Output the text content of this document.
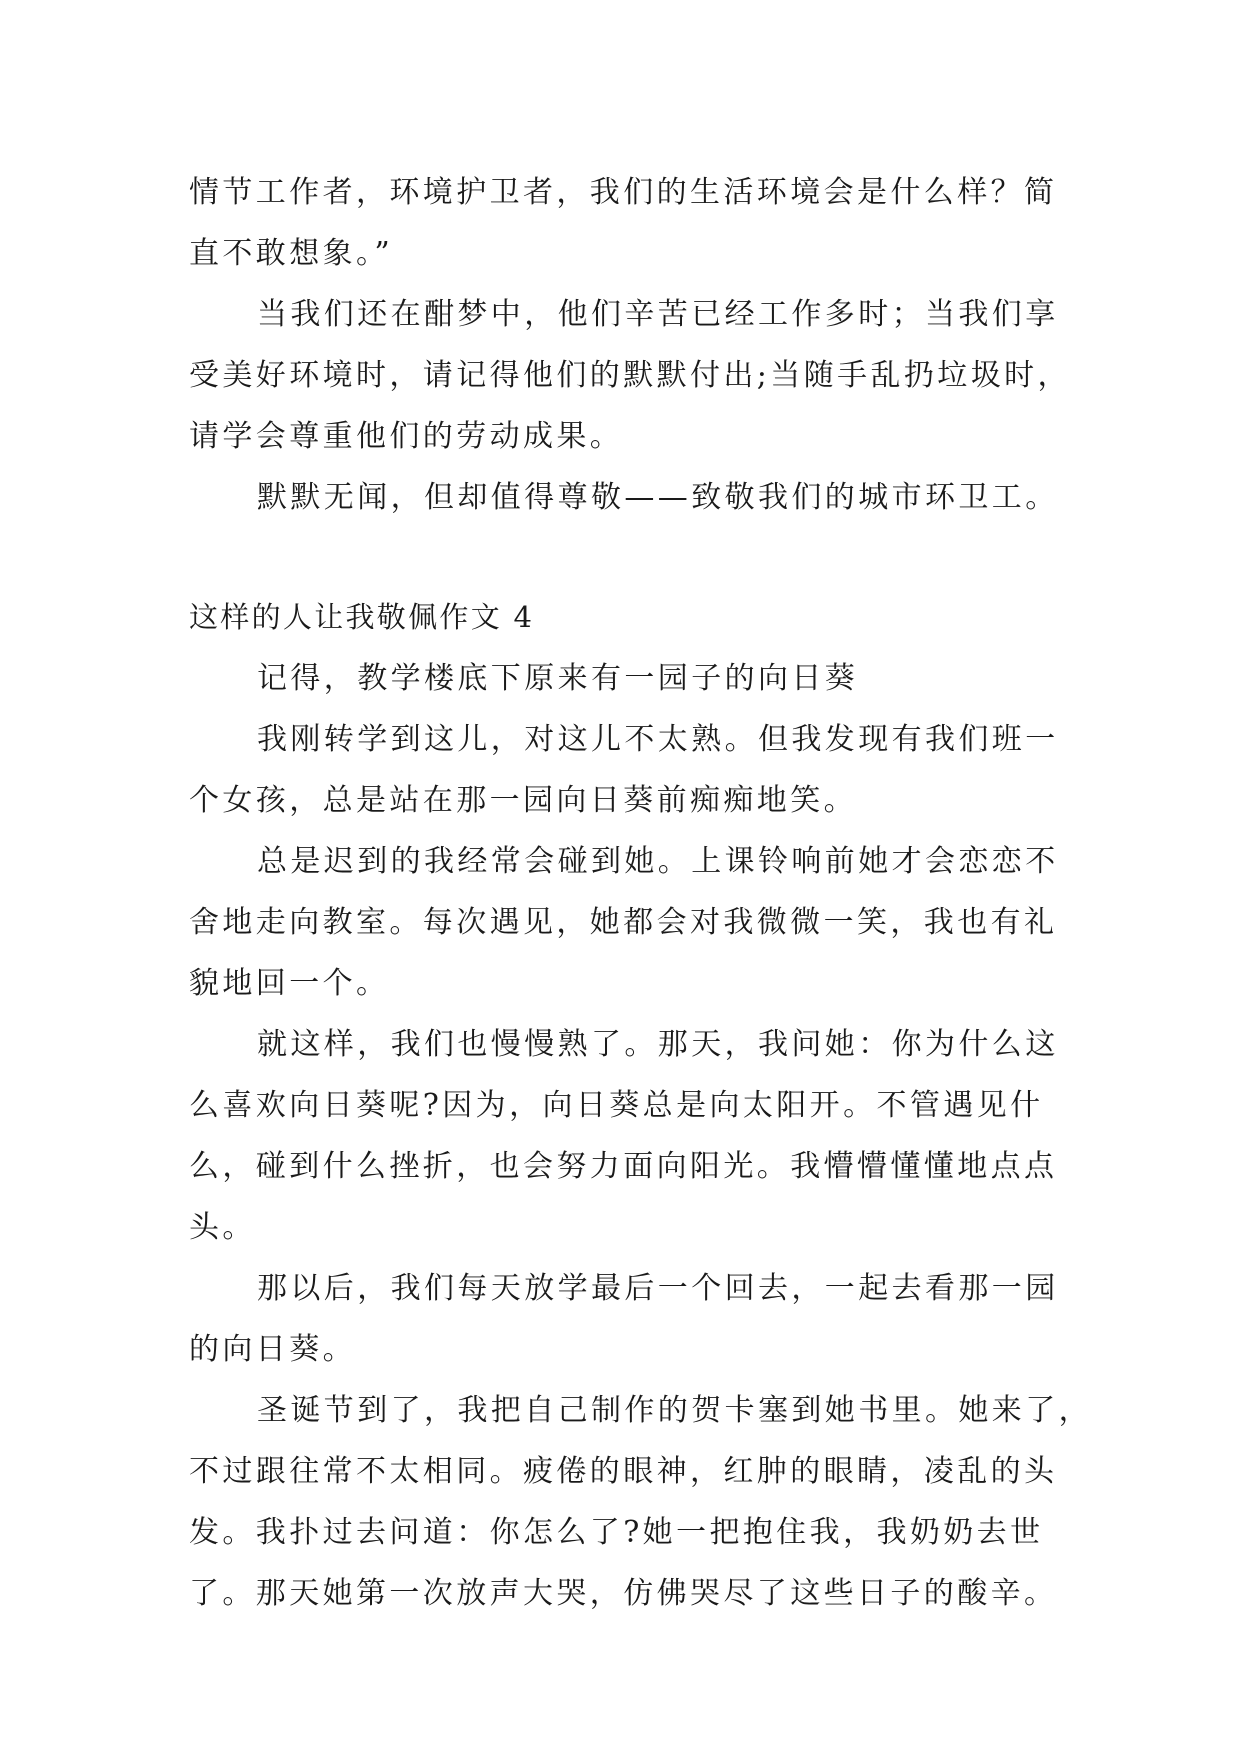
情节工作者，环境护卫者，我们的生活环境会是什么样？简
直不敢想象。”
当我们还在酣梦中，他们辛苦已经工作多时；当我们享
受美好环境时，请记得他们的默默付出;当随手乱扔垃圾时，
请学会尊重他们的劳动成果。
默默无闻，但却值得尊敬——致敬我们的城市环卫工。
这样的人让我敬佩作文 4
记得，教学楼底下原来有一园子的向日葵
我刚转学到这儿，对这儿不太熟。但我发现有我们班一
个女孩，总是站在那一园向日葵前痴痴地笑。
总是迟到的我经常会碰到她。上课铃响前她才会恋恋不
舍地走向教室。每次遇见，她都会对我微微一笑，我也有礼
貌地回一个。
就这样，我们也慢慢熟了。那天，我问她：你为什么这
么喜欢向日葵呢?因为，向日葵总是向太阳开。不管遇见什
么，碰到什么挫折，也会努力面向阳光。我懵懵懂懂地点点
头。
那以后，我们每天放学最后一个回去，一起去看那一园
的向日葵。
圣诞节到了，我把自己制作的贺卡塞到她书里。她来了，
不过跟往常不太相同。疲倦的眼神，红肿的眼睛，凌乱的头
发。我扑过去问道：你怎么了?她一把抱住我，我奶奶去世
了。那天她第一次放声大哭，仿佛哭尽了这些日子的酸辛。
